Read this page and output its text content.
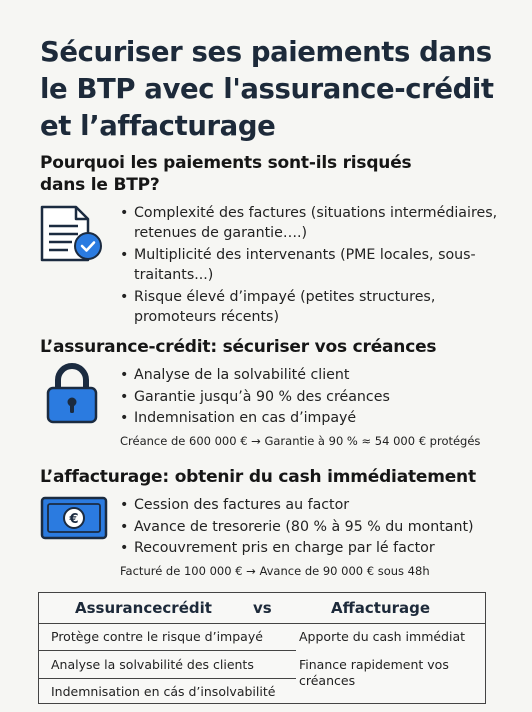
Sécuriser ses paiements dans le BTP avec l'assurance-crédit et l’affacturage
Pourquoi les paiements sont-ils risqués dans le BTP?
• Complexité des factures (situations intermédiaires, retenues de garantie….)
• Multiplicité des intervenants (PME locales, sous-traitants...)
• Risque élevé d’impayé (petites structures, promoteurs récents)
L’assurance-crédit: sécuriser vos créances
• Analyse de la solvabilité client
• Garantie jusqu’à 90 % des créances
• Indemnisation en cas d’impayé
Créance de 600 000 € → Garantie à 90 % ≈ 54 000 € protégés
L’affacturage: obtenir du cash immédiatement
€
• Cession des factures au factor
• Avance de tresorerie (80 % à 95 % du montant)
• Recouvrement pris en charge par lé factor
Facturé de 100 000 € → Avance de 90 000 € sous 48h
Assurancecrédit	vs	Affacturage
Protège contre le risque d’impayé	Apporte du cash immédiat
Analyse la solvabilité des clients	Finance rapidement vos créances
Indemnisation en cás d’insolvabilité
